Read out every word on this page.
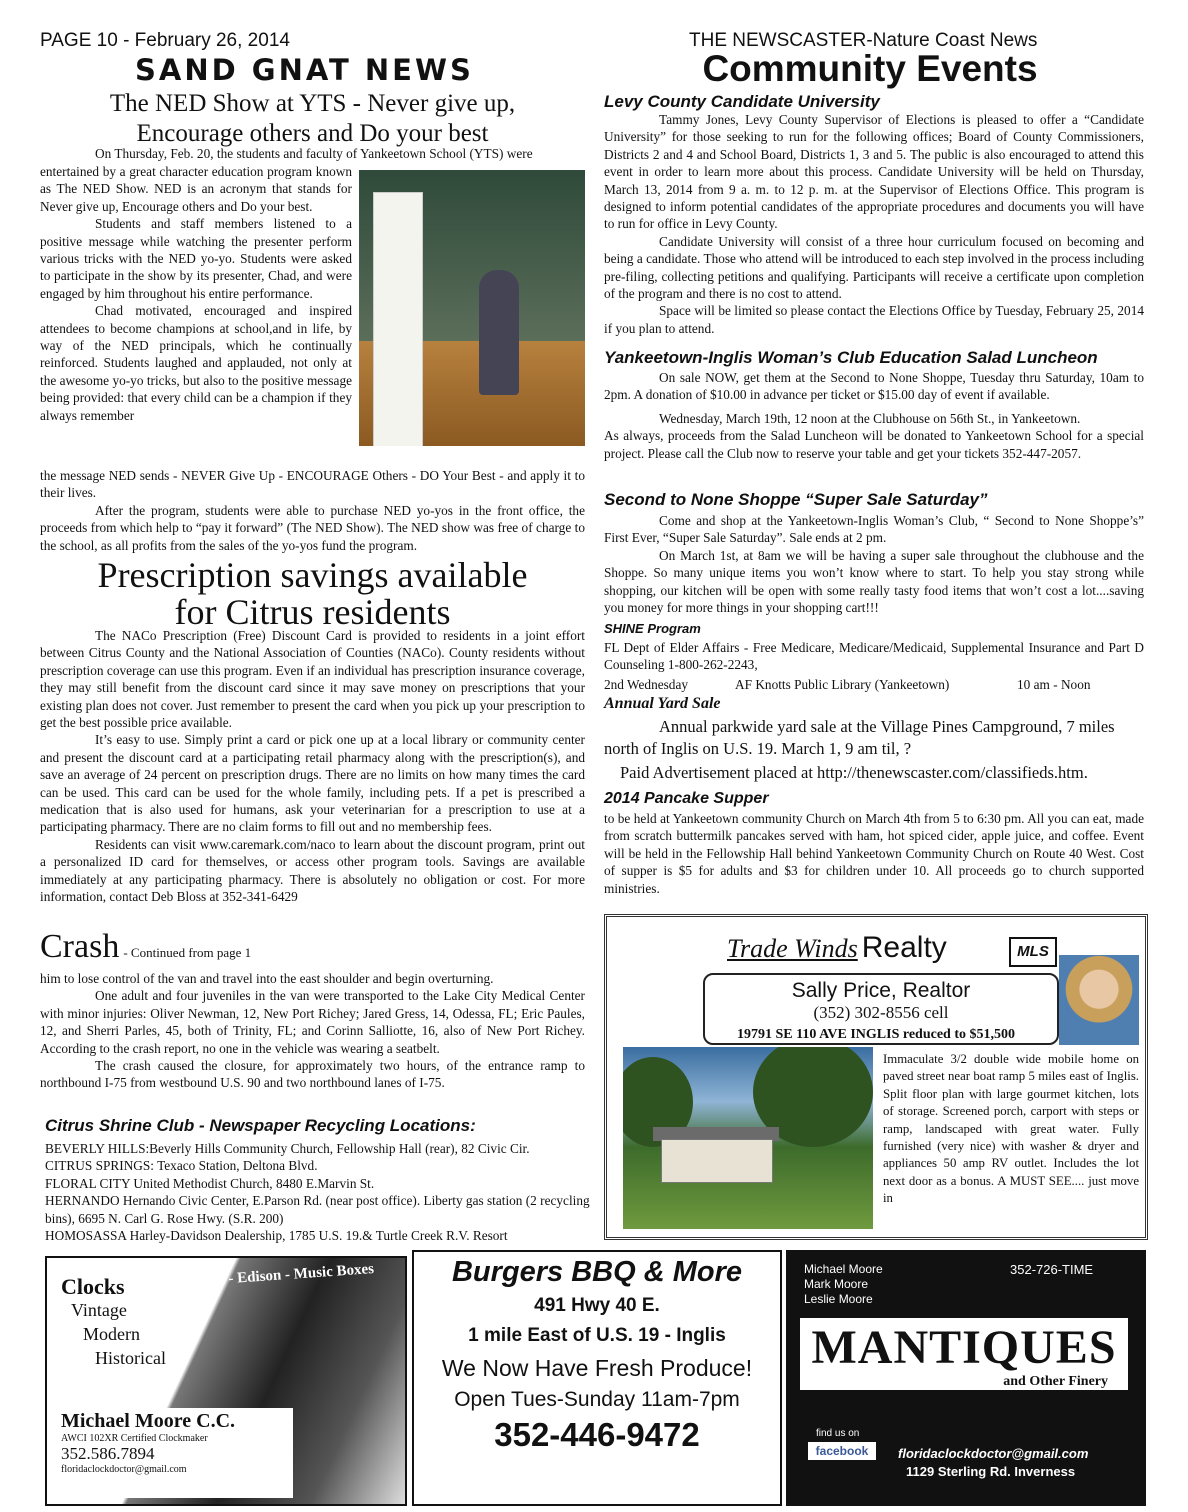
PAGE 10 - February 26, 2014	THE NEWSCASTER-Nature Coast News
SAND GNAT NEWS	Community Events
The NED Show at YTS - Never give up,
Encourage others and Do your best

On Thursday, Feb. 20, the students and faculty of Yankeetown School (YTS) were

entertained by a great character education program known as The NED Show. NED is an acronym that stands for Never give up, Encourage others and Do your best.

Students and staff members listened to a positive message while watching the presenter perform various tricks with the NED yo-yo. Students were asked to participate in the show by its presenter, Chad, and were engaged by him throughout his entire performance.

Chad motivated, encouraged and inspired attendees to become champions at school,and in life, by way of the NED principals, which he continually reinforced. Students laughed and applauded, not only at the awesome yo-yo tricks, but also to the positive message being provided: that every child can be a champion if they always remember

the message NED sends - NEVER Give Up - ENCOURAGE Others - DO Your Best - and apply it to their lives.

After the program, students were able to purchase NED yo-yos in the front office, the proceeds from which help to “pay it forward” (The NED Show). The NED show was free of charge to the school, as all profits from the sales of the yo-yos fund the program.

Prescription savings available
for Citrus residents

The NACo Prescription (Free) Discount Card is provided to residents in a joint effort between Citrus County and the National Association of Counties (NACo). County residents without prescription coverage can use this program. Even if an individual has prescription insurance coverage, they may still benefit from the discount card since it may save money on prescriptions that your existing plan does not cover. Just remember to present the card when you pick up your prescription to get the best possible price available.

It’s easy to use. Simply print a card or pick one up at a local library or community center and present the discount card at a participating retail pharmacy along with the prescription(s), and save an average of 24 percent on prescription drugs. There are no limits on how many times the card can be used. This card can be used for the whole family, including pets. If a pet is prescribed a medication that is also used for humans, ask your veterinarian for a prescription to use at a participating pharmacy. There are no claim forms to fill out and no membership fees.

Residents can visit www.caremark.com/naco to learn about the discount program, print out a personalized ID card for themselves, or access other program tools. Savings are available immediately at any participating pharmacy. There is absolutely no obligation or cost. For more information, contact Deb Bloss at 352-341-6429

Crash - Continued from page 1

him to lose control of the van and travel into the east shoulder and begin overturning.

One adult and four juveniles in the van were transported to the Lake City Medical Center with minor injuries: Oliver Newman, 12, New Port Richey; Jared Gress, 14, Odessa, FL; Eric Paules, 12, and Sherri Parles, 45, both of Trinity, FL; and Corinn Salliotte, 16, also of New Port Richey. According to the crash report, no one in the vehicle was wearing a seatbelt.

The crash caused the closure, for approximately two hours, of the entrance ramp to northbound I-75 from westbound U.S. 90 and two northbound lanes of I-75.

Citrus Shrine Club - Newspaper Recycling Locations:

BEVERLY HILLS:Beverly Hills Community Church, Fellowship Hall (rear), 82 Civic Cir.

CITRUS SPRINGS: Texaco Station, Deltona Blvd.

FLORAL CITY United Methodist Church, 8480 E.Marvin St.

HERNANDO Hernando Civic Center, E.Parson Rd. (near post office). Liberty gas station (2 recycling bins), 6695 N. Carl G. Rose Hwy. (S.R. 200)

HOMOSASSA Harley-Davidson Dealership, 1785 U.S. 19.& Turtle Creek R.V. Resort

Levy County Candidate University

Tammy Jones, Levy County Supervisor of Elections is pleased to offer a “Candidate University” for those seeking to run for the following offices; Board of County Commissioners, Districts 2 and 4 and School Board, Districts 1, 3 and 5. The public is also encouraged to attend this event in order to learn more about this process. Candidate University will be held on Thursday, March 13, 2014 from 9 a. m. to 12 p. m. at the Supervisor of Elections Office. This program is designed to inform potential candidates of the appropriate procedures and documents you will have to run for office in Levy County.

Candidate University will consist of a three hour curriculum focused on becoming and being a candidate. Those who attend will be introduced to each step involved in the process including pre-filing, collecting petitions and qualifying. Participants will receive a certificate upon completion of the program and there is no cost to attend.

Space will be limited so please contact the Elections Office by Tuesday, February 25, 2014 if you plan to attend.

Yankeetown-Inglis Woman’s Club Education Salad Luncheon

On sale NOW, get them at the Second to None Shoppe, Tuesday thru Saturday, 10am to 2pm. A donation of $10.00 in advance per ticket or $15.00 day of event if available.

Wednesday, March 19th, 12 noon at the Clubhouse on 56th St., in Yankeetown.

As always, proceeds from the Salad Luncheon will be donated to Yankeetown School for a special project. Please call the Club now to reserve your table and get your tickets 352-447-2057.

Second to None Shoppe “Super Sale Saturday”

Come and shop at the Yankeetown-Inglis Woman’s Club, “ Second to None Shoppe’s” First Ever, “Super Sale Saturday”. Sale ends at 2 pm.

On March 1st, at 8am we will be having a super sale throughout the clubhouse and the Shoppe. So many unique items you won’t know where to start. To help you stay strong while shopping, our kitchen will be open with some really tasty food items that won’t cost a lot....saving you money for more things in your shopping cart!!!

SHINE Program

FL Dept of Elder Affairs - Free Medicare, Medicare/Medicaid, Supplemental Insurance and Part D Counseling 1-800-262-2243,

2nd Wednesday	AF Knotts Public Library (Yankeetown)	10 am - Noon
Annual Yard Sale

Annual parkwide yard sale at the Village Pines Campground, 7 miles north of Inglis on U.S. 19. March 1, 9 am til, ?

Paid Advertisement placed at http://thenewscaster.com/classifieds.htm.

2014 Pancake Supper

to be held at Yankeetown community Church on March 4th from 5 to 6:30 pm. All you can eat, made from scratch buttermilk pancakes served with ham, hot spiced cider, apple juice, and coffee. Event will be held in the Fellowship Hall behind Yankeetown Community Church on Route 40 West. Cost of supper is $5 for adults and $3 for children under 10. All proceeds go to church supported ministries.

Trade Winds Realty	MLS
Sally Price, Realtor
(352) 302-8556 cell
19791 SE 110 AVE INGLIS reduced to $51,500

Immaculate 3/2 double wide mobile home on paved street near boat ramp 5 miles east of Inglis. Split floor plan with large gourmet kitchen, lots of storage. Screened porch, carport with steps or ramp, landscaped with great water. Fully furnished (very nice) with washer & dryer and appliances 50 amp RV outlet. Includes the lot next door as a bonus. A MUST SEE.... just move in

Victrola - Edison - Music Boxes
Clocks
Vintage
Modern
Historical
Michael Moore C.C.
AWCI 102XR Certified Clockmaker
352.586.7894
floridaclockdoctor@gmail.com
Burgers BBQ & More
491 Hwy 40 E.
1 mile East of U.S. 19 - Inglis
We Now Have Fresh Produce!
Open Tues-Sunday 11am-7pm
352-446-9472
Michael Moore
Mark Moore
Leslie Moore
352-726-TIME
MANTIQUES
and Other Finery
find us on
facebook	floridaclockdoctor@gmail.com
1129 Sterling Rd. Inverness
